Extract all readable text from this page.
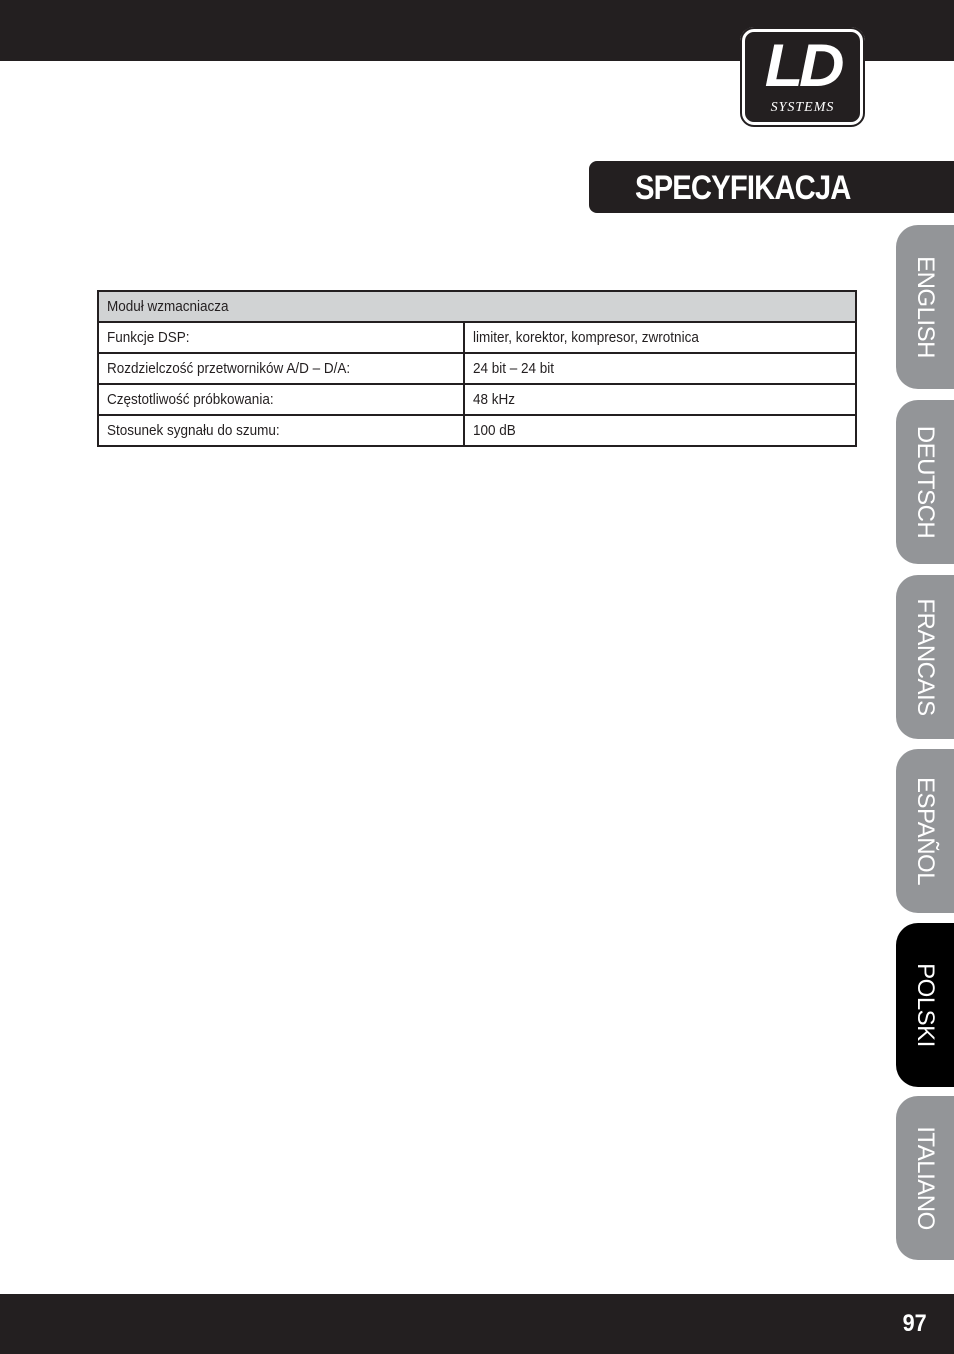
LD
SYSTEMS
SPECYFIKACJA
Moduł wzmacniacza	
Funkcje DSP:	limiter, korektor, kompresor, zwrotnica
Rozdzielczość przetworników A/D – D/A:	24 bit – 24 bit
Częstotliwość próbkowania:	48 kHz
Stosunek sygnału do szumu:	100 dB
ENGLISH
DEUTSCH
FRANCAIS
ESPAÑOL
POLSKI
ITALIANO
97
